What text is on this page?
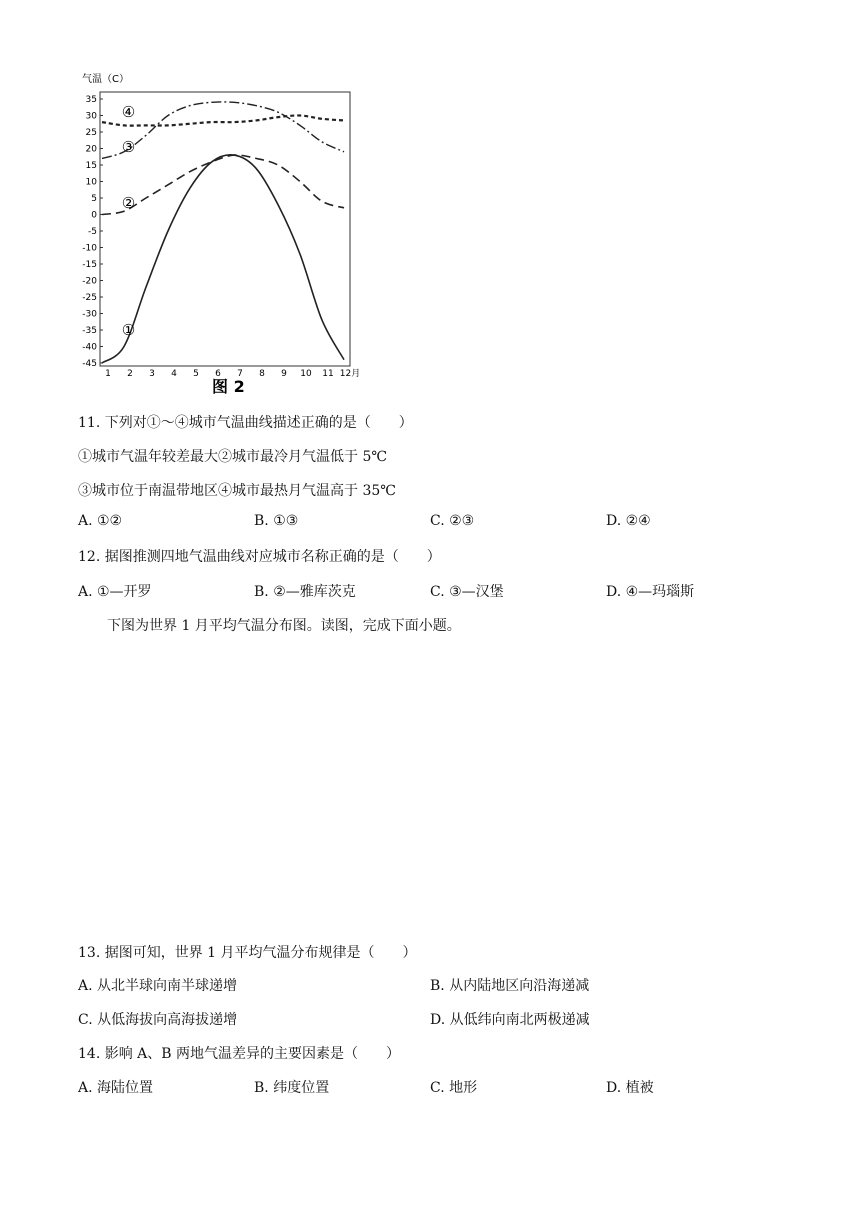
气温（C）
35
30
25
20
15
10
5
0
-5
-10
-15
-20
-25
-30
-35
-40
-45
1 2 3 4 5 6 7 8 9 10 11 12月
①
②
③
④
图 2
11. 下列对①～④城市气温曲线描述正确的是（　　）
①城市气温年较差最大②城市最冷月气温低于 5℃
③城市位于南温带地区④城市最热月气温高于 35℃
A. ①②	B. ①③	C. ②③	D. ②④
12. 据图推测四地气温曲线对应城市名称正确的是（　　）
A. ①—开罗	B. ②—雅库茨克	C. ③—汉堡	D. ④—玛瑙斯
下图为世界 1 月平均气温分布图。读图，完成下面小题。
13. 据图可知，世界 1 月平均气温分布规律是（　　）
A. 从北半球向南半球递增	B. 从内陆地区向沿海递减
C. 从低海拔向高海拔递增	D. 从低纬向南北两极递减
14. 影响 A、B 两地气温差异的主要因素是（　　）
A. 海陆位置	B. 纬度位置	C. 地形	D. 植被
